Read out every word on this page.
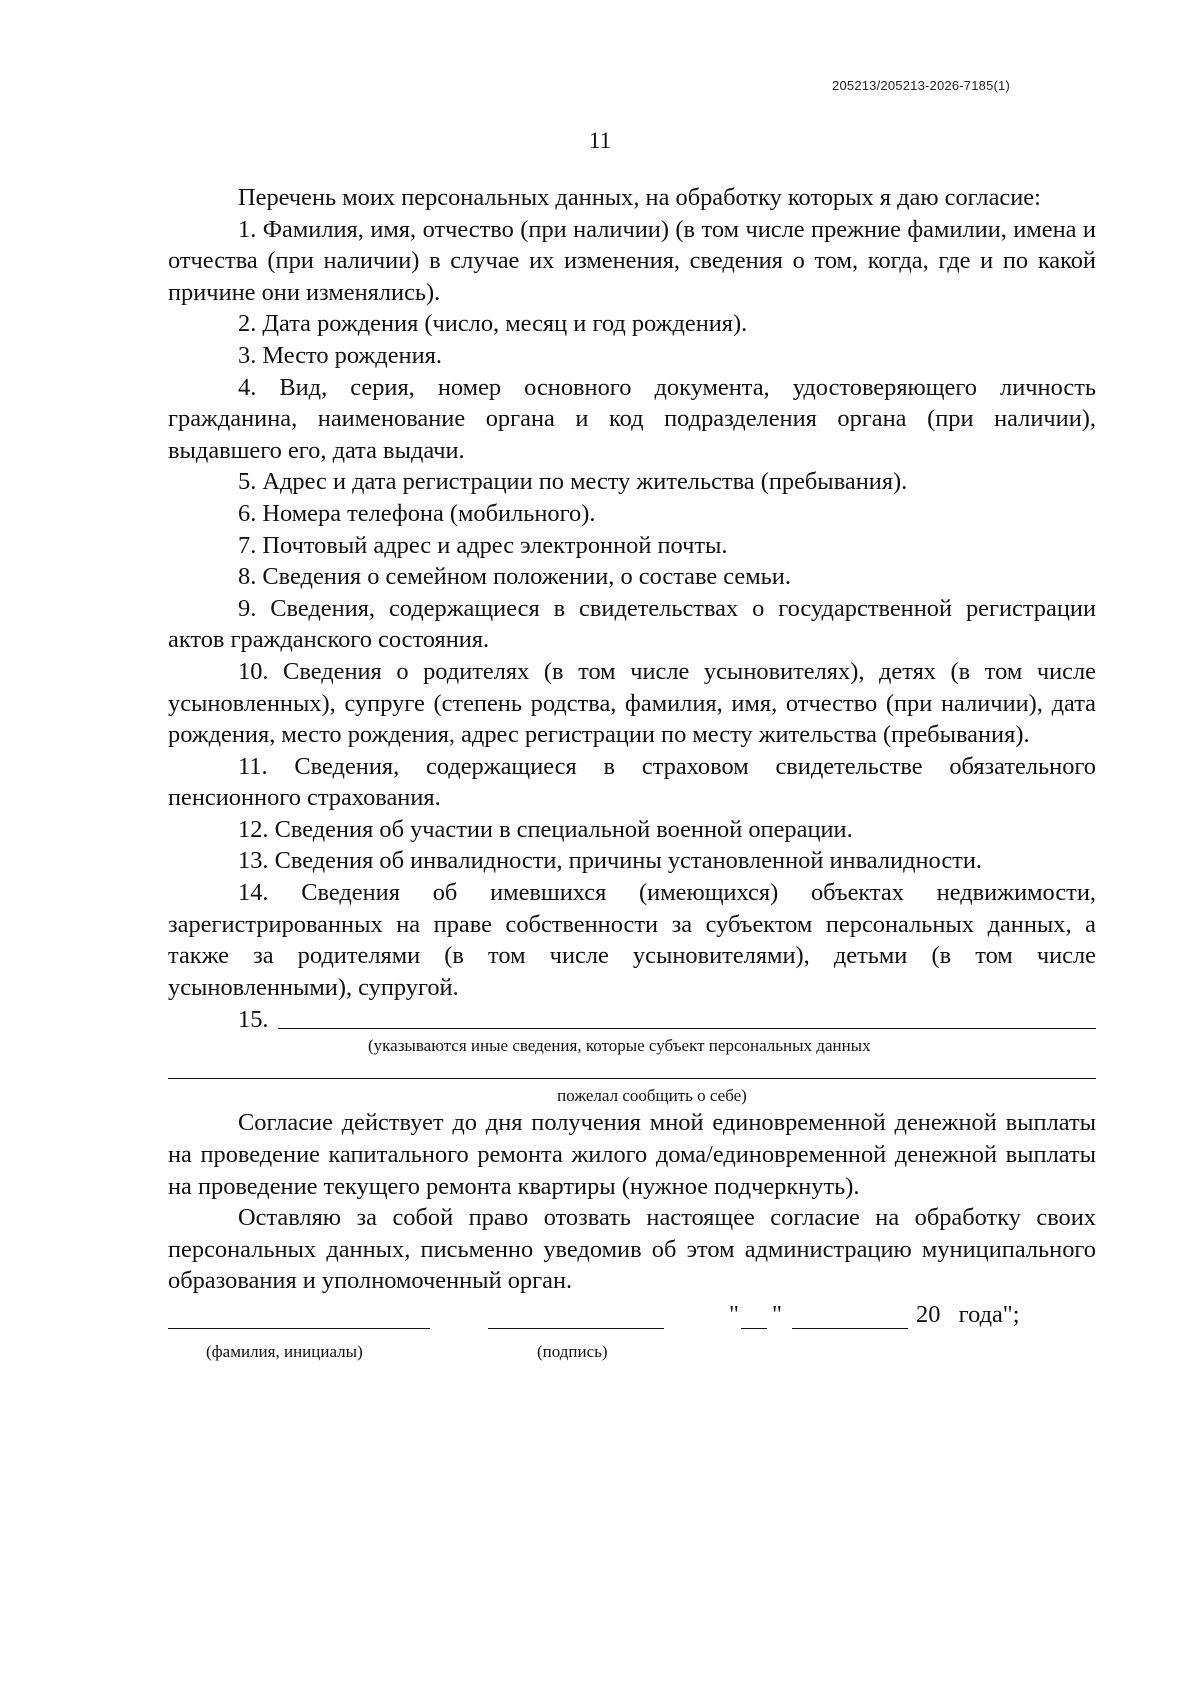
205213/205213-2026-7185(1)
11

Перечень моих персональных данных, на обработку которых я даю согласие:

1. Фамилия, имя, отчество (при наличии) (в том числе прежние фамилии, имена и отчества (при наличии) в случае их изменения, сведения о том, когда, где и по какой причине они изменялись).

2. Дата рождения (число, месяц и год рождения).

3. Место рождения.

4. Вид, серия, номер основного документа, удостоверяющего личность гражданина, наименование органа и код подразделения органа (при наличии), выдавшего его, дата выдачи.

5. Адрес и дата регистрации по месту жительства (пребывания).

6. Номера телефона (мобильного).

7. Почтовый адрес и адрес электронной почты.

8. Сведения о семейном положении, о составе семьи.

9. Сведения, содержащиеся в свидетельствах о государственной регистрации актов гражданского состояния.

10. Сведения о родителях (в том числе усыновителях), детях (в том числе усыновленных), супруге (степень родства, фамилия, имя, отчество (при наличии), дата рождения, место рождения, адрес регистрации по месту жительства (пребывания).

11. Сведения, содержащиеся в страховом свидетельстве обязательного пенсионного страхования.

12. Сведения об участии в специальной военной операции.

13. Сведения об инвалидности, причины установленной инвалидности.

14. Сведения об имевшихся (имеющихся) объектах недвижимости, зарегистрированных на праве собственности за субъектом персональных данных, а также за родителями (в том числе усыновителями), детьми (в том числе усыновленными), супругой.

15.
(указываются иные сведения, которые субъект персональных данных
пожелал сообщить о себе)

Согласие действует до дня получения мной единовременной денежной выплаты на проведение капитального ремонта жилого дома/единовременной денежной выплаты на проведение текущего ремонта квартиры (нужное подчеркнуть).

Оставляю за собой право отозвать настоящее согласие на обработку своих персональных данных, письменно уведомив об этом администрацию муниципального образования и уполномоченный орган.

" "	20   года";
(фамилия, инициалы)	(подпись)
